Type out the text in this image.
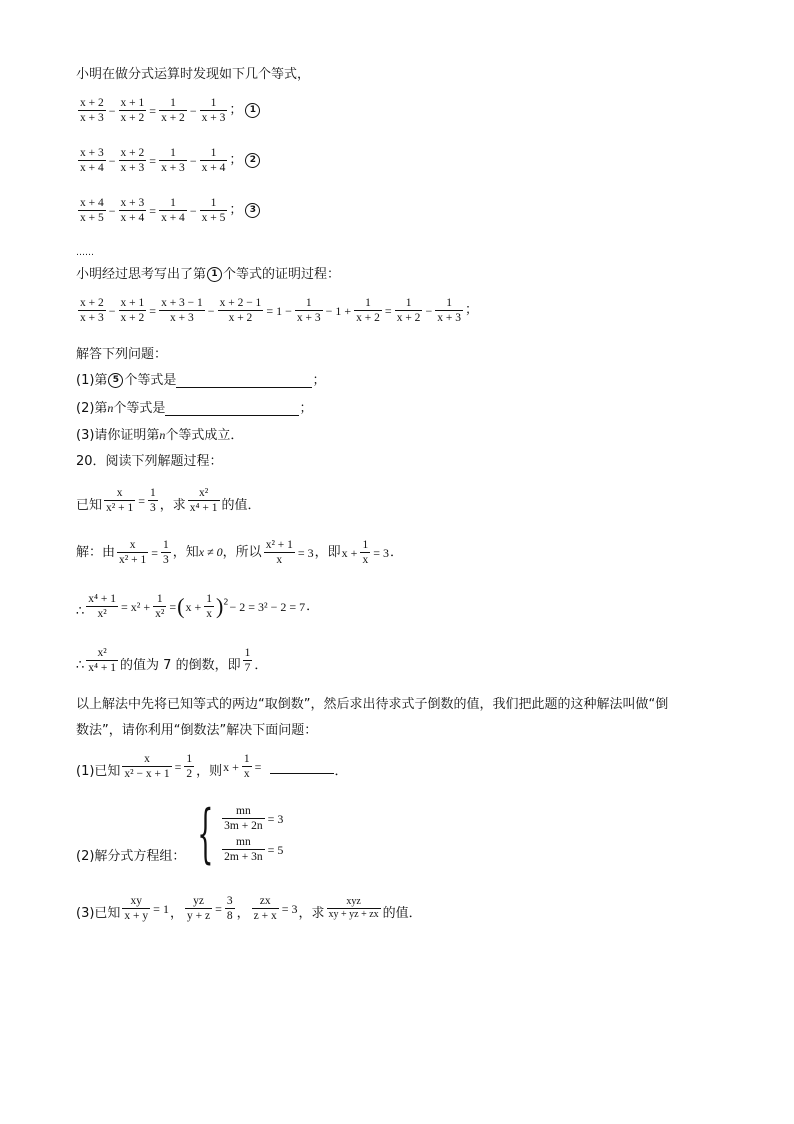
小明在做分式运算时发现如下几个等式，
$\frac{x + 2}{x + 3} - \frac{x + 1}{x + 2} = \frac{1}{x + 2} - \frac{1}{x + 3}$ ； 1
$\frac{x + 3}{x + 4} - \frac{x + 2}{x + 3} = \frac{1}{x + 3} - \frac{1}{x + 4}$ ； 2
$\frac{x + 4}{x + 5} - \frac{x + 3}{x + 4} = \frac{1}{x + 4} - \frac{1}{x + 5}$ ； 3
……
小明经过思考写出了第 1 个等式的证明过程：
$\frac{x + 2}{x + 3} - \frac{x + 1}{x + 2} = \frac{x + 3 - 1}{x + 3} - \frac{x + 2 - 1}{x + 2} = 1 - \frac{1}{x + 3} - 1 + \frac{1}{x + 2} = \frac{1}{x + 2} - \frac{1}{x + 3}$ ；
解答下列问题：
(1)第 5 个等式是	；
(2)第n个等式是	；
(3)请你证明第n个等式成立．
20．阅读下列解题过程：
已知 $\frac{x}{\text{x² + 1}} = \frac{1}{3}$ ，求 $\frac{\text{x²}}{\text{x⁴ + 1}}$ 的值．
解：由 $\frac{x}{\text{x² + 1}} = \frac{1}{3}$ ，知x ≠ 0，所以 $\frac{\text{x² + 1}}{x} = 3$，即$x + \frac{1}{x} = 3$．
∴ $\frac{\text{x⁴ + 1}}{\text{x²}} = x^2 + \frac{1}{\text{x²}} =(x + \frac{1}{x} )^2- 2 = 3^2 - 2 = 7$．
∴ $\frac{\text{x²}}{\text{x⁴ + 1}}$ 的值为 7 的倒数，即 $\frac{1}{7}$ ．
以上解法中先将已知等式的两边“取倒数”，然后求出待求式子倒数的值，我们把此题的这种解法叫做“倒
数法”，请你利用“倒数法”解决下面问题：
(1)已知 $\frac{x}{\text{x² − x + 1}} = \frac{1}{2}$ ，则$x + \frac{1}{x}$ =	．
(2)解分式方程组： { $\frac{mn}{3m + 2n} = 3$
$\frac{mn}{2m + 3n} = 5$
(3)已知 $\frac{xy}{x + y} = 1$， $\frac{yz}{y + z} = \frac{3}{8}$ ， $\frac{zx}{z + x} = 3$，求 $\frac{\text{xyz}}{xy + yz + zx}$ 的值．
